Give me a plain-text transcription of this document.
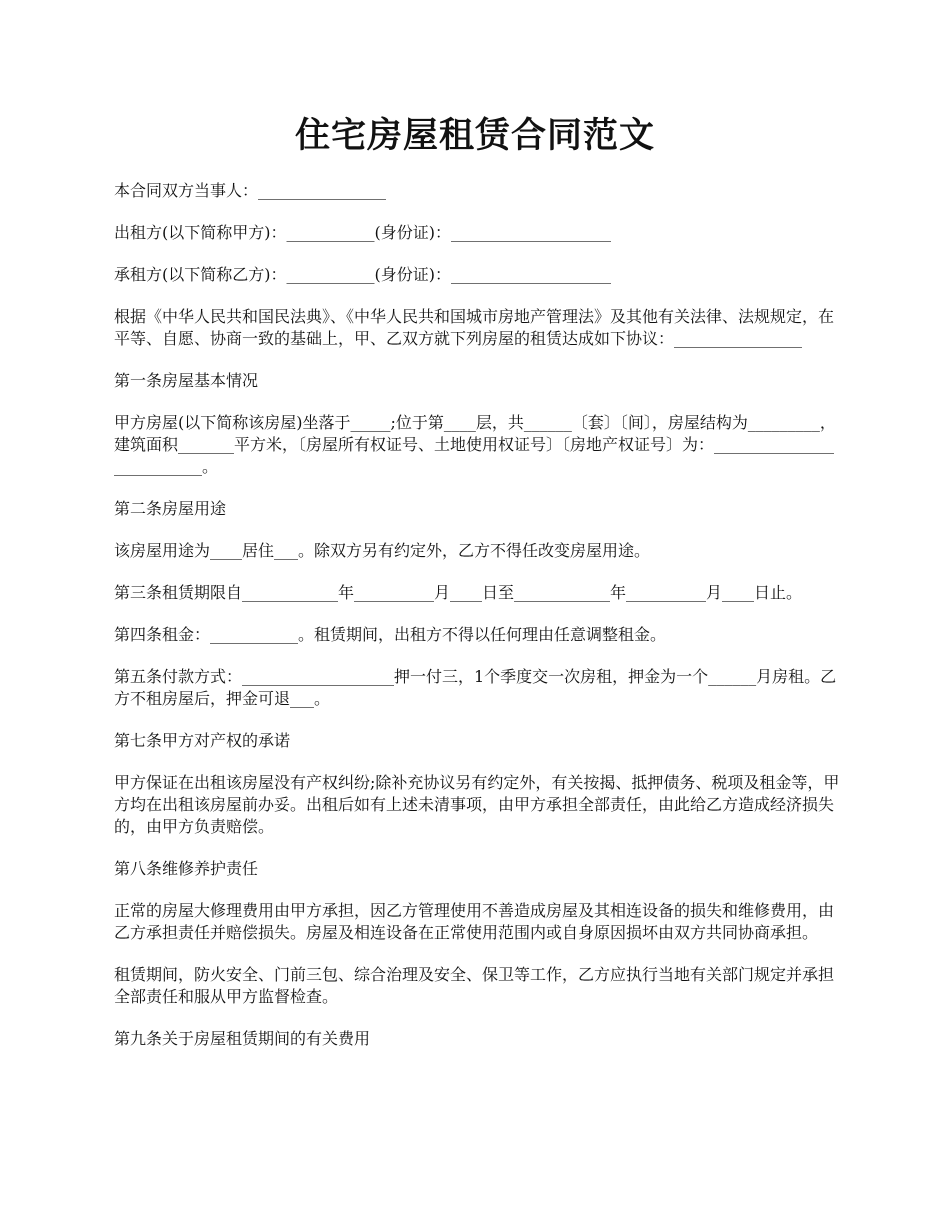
住宅房屋租赁合同范文

本合同双方当事人：________________

出租方(以下简称甲方)：___________(身份证)：____________________

承租方(以下简称乙方)：___________(身份证)：____________________

根据《中华人民共和国民法典》、《中华人民共和国城市房地产管理法》及其他有关法律、法规规定，在平等、自愿、协商一致的基础上，甲、乙双方就下列房屋的租赁达成如下协议：________________

第一条房屋基本情况

甲方房屋(以下简称该房屋)坐落于_____;位于第____层，共______〔套〕〔间〕，房屋结构为_________，建筑面积_______平方米，〔房屋所有权证号、土地使用权证号〕〔房地产权证号〕为：__________________________。

第二条房屋用途

该房屋用途为____居住___。除双方另有约定外，乙方不得任改变房屋用途。

第三条租赁期限自____________年__________月____日至____________年__________月____日止。

第四条租金：___________。租赁期间，出租方不得以任何理由任意调整租金。

第五条付款方式：___________________押一付三，1个季度交一次房租，押金为一个______月房租。乙方不租房屋后，押金可退___。

第七条甲方对产权的承诺

甲方保证在出租该房屋没有产权纠纷;除补充协议另有约定外，有关按揭、抵押债务、税项及租金等，甲方均在出租该房屋前办妥。出租后如有上述未清事项，由甲方承担全部责任，由此给乙方造成经济损失的，由甲方负责赔偿。

第八条维修养护责任

正常的房屋大修理费用由甲方承担，因乙方管理使用不善造成房屋及其相连设备的损失和维修费用，由乙方承担责任并赔偿损失。房屋及相连设备在正常使用范围内或自身原因损坏由双方共同协商承担。

租赁期间，防火安全、门前三包、综合治理及安全、保卫等工作，乙方应执行当地有关部门规定并承担全部责任和服从甲方监督检查。

第九条关于房屋租赁期间的有关费用
